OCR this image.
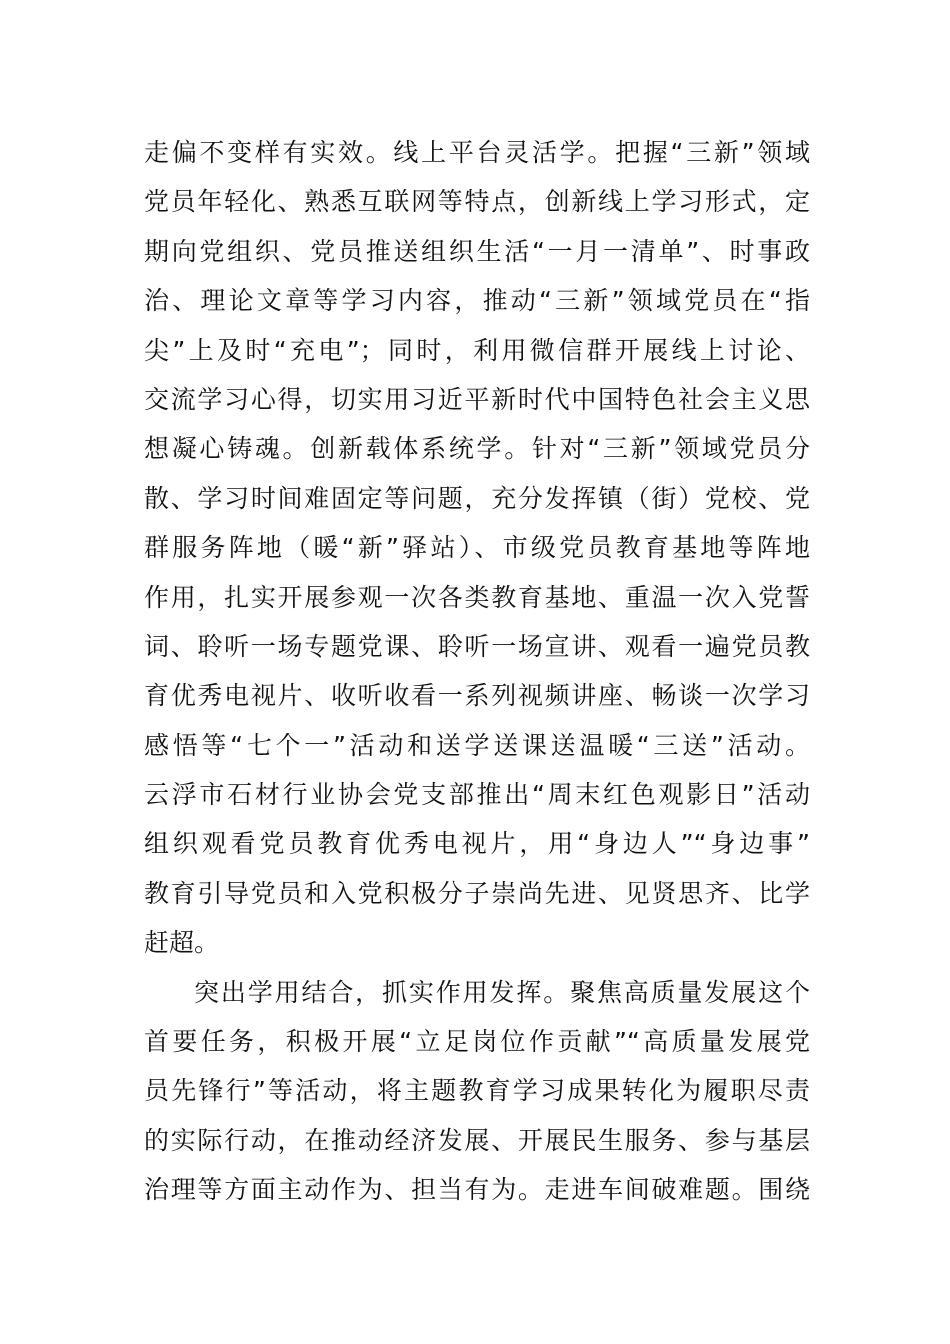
走偏不变样有实效。线上平台灵活学。把握“三新”领域
党员年轻化、熟悉互联网等特点，创新线上学习形式，定
期向党组织、党员推送组织生活“一月一清单”、时事政
治、理论文章等学习内容，推动“三新”领域党员在“指
尖”上及时“充电”；同时，利用微信群开展线上讨论、
交流学习心得，切实用习近平新时代中国特色社会主义思
想凝心铸魂。创新载体系统学。针对“三新”领域党员分
散、学习时间难固定等问题，充分发挥镇（街）党校、党
群服务阵地（暖“新”驿站）、市级党员教育基地等阵地
作用，扎实开展参观一次各类教育基地、重温一次入党誓
词、聆听一场专题党课、聆听一场宣讲、观看一遍党员教
育优秀电视片、收听收看一系列视频讲座、畅谈一次学习
感悟等“七个一”活动和送学送课送温暖“三送”活动。
云浮市石材行业协会党支部推出“周末红色观影日”活动
组织观看党员教育优秀电视片，用“身边人”“身边事”
教育引导党员和入党积极分子崇尚先进、见贤思齐、比学
赶超。
突出学用结合，抓实作用发挥。聚焦高质量发展这个
首要任务，积极开展“立足岗位作贡献”“高质量发展党
员先锋行”等活动，将主题教育学习成果转化为履职尽责
的实际行动，在推动经济发展、开展民生服务、参与基层
治理等方面主动作为、担当有为。走进车间破难题。围绕
